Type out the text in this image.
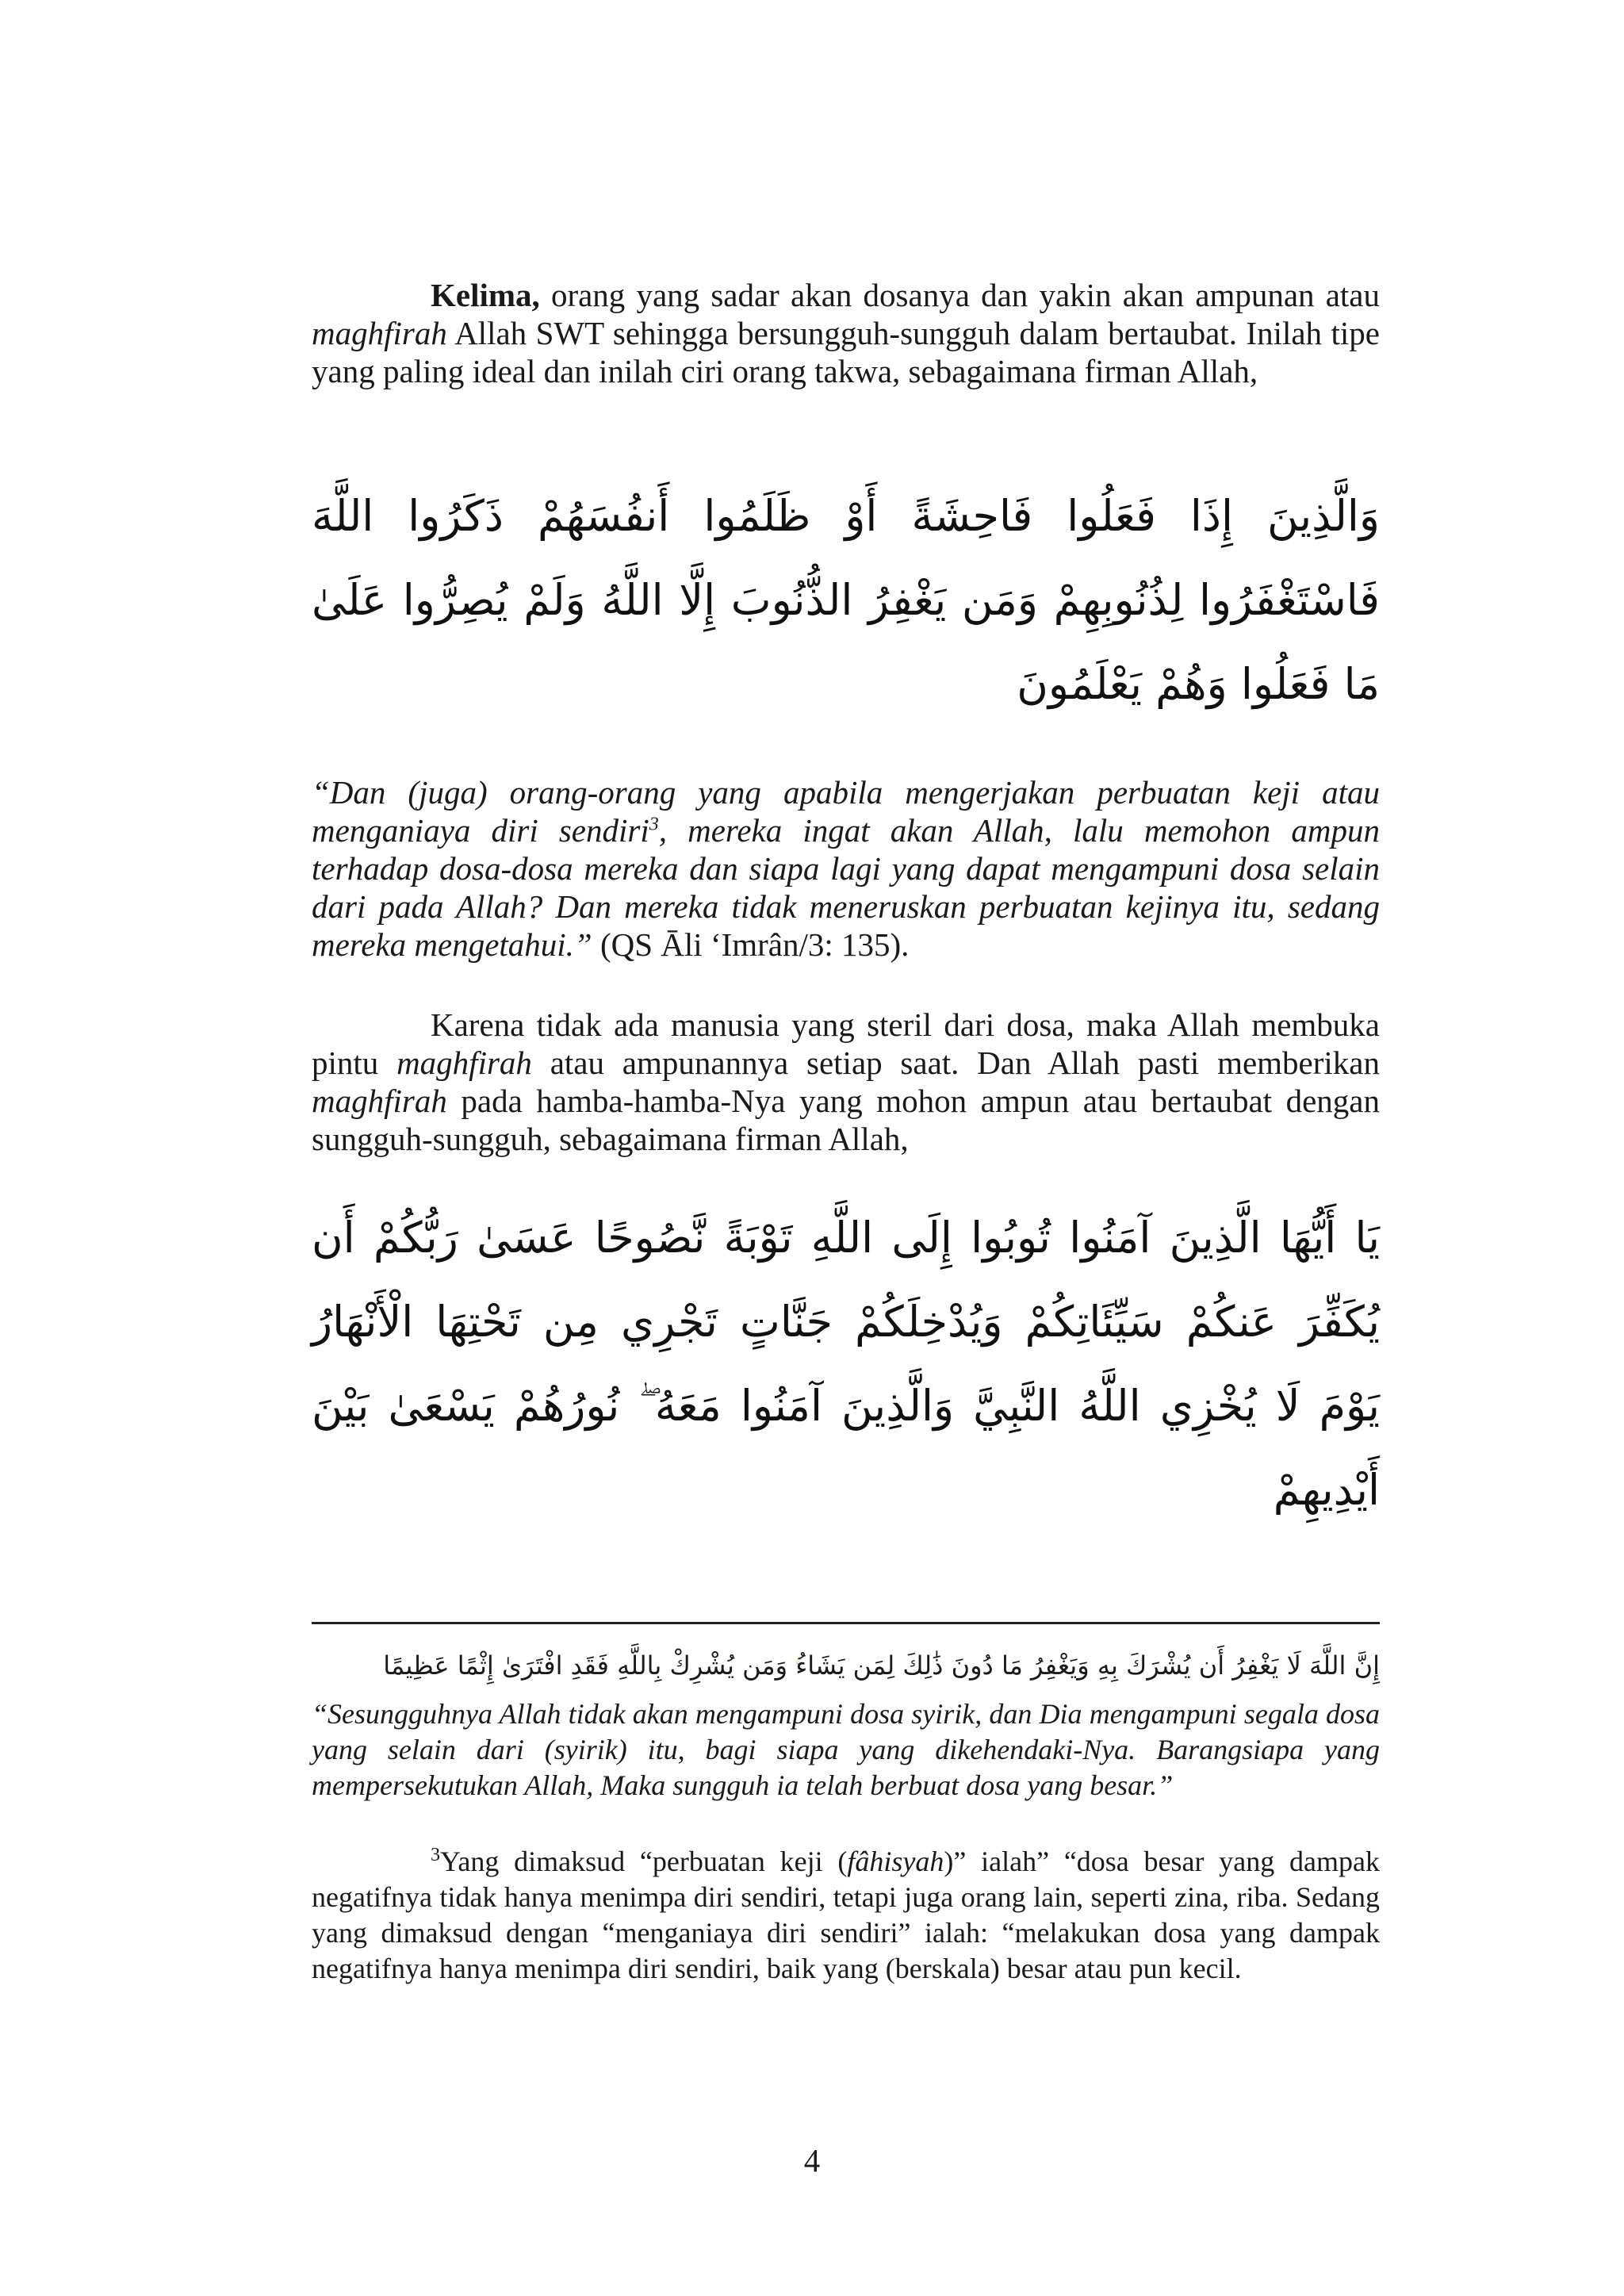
Kelima, orang yang sadar akan dosanya dan yakin akan ampunan atau maghfirah Allah SWT sehingga bersungguh-sungguh dalam bertaubat. Inilah tipe yang paling ideal dan inilah ciri orang takwa, sebagaimana firman Allah,

وَالَّذِينَ إِذَا فَعَلُوا فَاحِشَةً أَوْ ظَلَمُوا أَنفُسَهُمْ ذَكَرُوا اللَّهَ فَاسْتَغْفَرُوا لِذُنُوبِهِمْ وَمَن يَغْفِرُ الذُّنُوبَ إِلَّا اللَّهُ وَلَمْ يُصِرُّوا عَلَىٰ مَا فَعَلُوا وَهُمْ يَعْلَمُونَ

“Dan (juga) orang-orang yang apabila mengerjakan perbuatan keji atau menganiaya diri sendiri$^3$, mereka ingat akan Allah, lalu memohon ampun terhadap dosa-dosa mereka dan siapa lagi yang dapat mengampuni dosa selain dari pada Allah? Dan mereka tidak meneruskan perbuatan kejinya itu, sedang mereka mengetahui.” (QS Āli ‘Imrân/3: 135).

Karena tidak ada manusia yang steril dari dosa, maka Allah membuka pintu maghfirah atau ampunannya setiap saat. Dan Allah pasti memberikan maghfirah pada hamba-hamba-Nya yang mohon ampun atau bertaubat dengan sungguh-sungguh, sebagaimana firman Allah,

يَا أَيُّهَا الَّذِينَ آمَنُوا تُوبُوا إِلَى اللَّهِ تَوْبَةً نَّصُوحًا عَسَىٰ رَبُّكُمْ أَن يُكَفِّرَ عَنكُمْ سَيِّئَاتِكُمْ وَيُدْخِلَكُمْ جَنَّاتٍ تَجْرِي مِن تَحْتِهَا الْأَنْهَارُ يَوْمَ لَا يُخْزِي اللَّهُ النَّبِيَّ وَالَّذِينَ آمَنُوا مَعَهُ ۖ نُورُهُمْ يَسْعَىٰ بَيْنَ أَيْدِيهِمْ

إِنَّ اللَّهَ لَا يَغْفِرُ أَن يُشْرَكَ بِهِ وَيَغْفِرُ مَا دُونَ ذَٰلِكَ لِمَن يَشَاءُ وَمَن يُشْرِكْ بِاللَّهِ فَقَدِ افْتَرَىٰ إِثْمًا عَظِيمًا

“Sesungguhnya Allah tidak akan mengampuni dosa syirik, dan Dia mengampuni segala dosa yang selain dari (syirik) itu, bagi siapa yang dikehendaki-Nya. Barangsiapa yang mempersekutukan Allah, Maka sungguh ia telah berbuat dosa yang besar.”

$^3$Yang dimaksud “perbuatan keji (fâhisyah)” ialah” “dosa besar yang dampak negatifnya tidak hanya menimpa diri sendiri, tetapi juga orang lain, seperti zina, riba. Sedang yang dimaksud dengan “menganiaya diri sendiri” ialah: “melakukan dosa yang dampak negatifnya hanya menimpa diri sendiri, baik yang (berskala) besar atau pun kecil.

4
